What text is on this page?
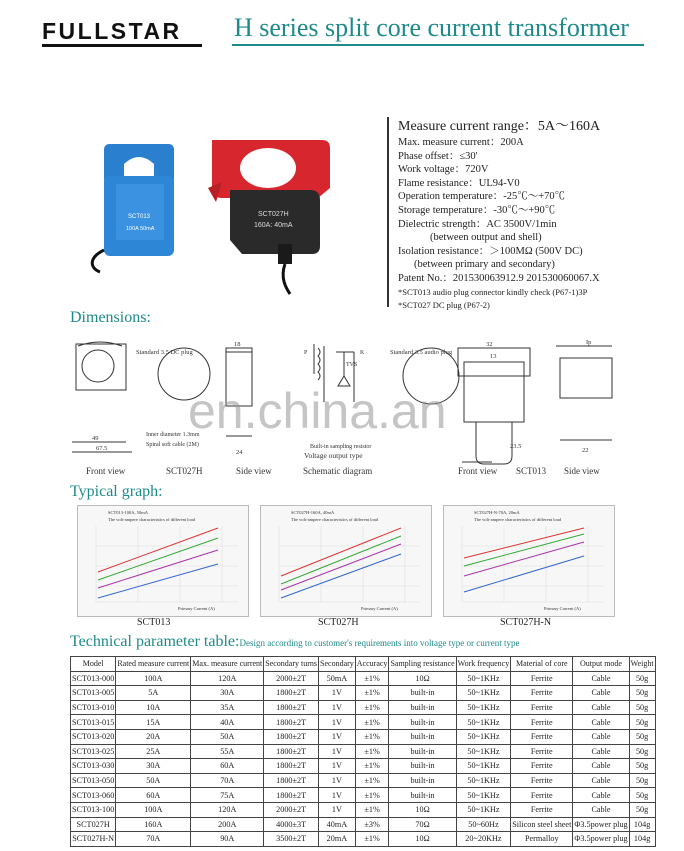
FULLSTAR H series split core current transformer
SCT013
100A 50mA
SCT027H
160A: 40mA
Measure current range：5A～160A
Max. measure current：200A
Phase offset：≤30'
Work voltage：720V
Flame resistance：UL94-V0
Operation temperature：-25℃～+70℃
Storage temperature：-30℃～+90℃
Dielectric strength：AC 3500V/1min
(between output and shell)
Isolation resistance：＞100MΩ (500V DC)
(between primary and secondary)
Patent No.：201530063912.9 201530060067.X
*SCT013 audio plug connector kindly check (P67-1)3P
*SCT027 DC plug (P67-2)
Dimensions:
Standard 3.5 DC plug
18
49
67.5
24
Inner diameter 1.3mm
Spiral soft cable (2M)
P	K
TVS
Built-in sampling resistor
Voltage output type
Standard 3.5 audio plug
32
13
23.5
Ip
22
Front view	SCT027H	Side view	Schematic diagram	Front view SCT013 Side view
en.china.an
Typical graph:
SCT013-100A, 50mA
The volt-ampere characteristics of different load
Primary Current (A)
SCT013
SCT027H-160A, 40mA
The volt-ampere characteristics of different load
Primary Current (A)
SCT027H
SCT027H-N-70A, 20mA
The volt-ampere characteristics of different load
Primary Current (A)
SCT027H-N
Technical parameter table:Design according to customer's requirements into voltage type or current type
Model	Rated measure current	Max. measure current	Secondary turns	Secondary	Accuracy	Sampling resistance	Work frequency	Material of core	Output mode	Weight
SCT013-000	100A	120A	2000±2T	50mA	±1%	10Ω	50~1KHz	Ferrite	Cable	50g
SCT013-005	5A	30A	1800±2T	1V	±1%	built-in	50~1KHz	Ferrite	Cable	50g
SCT013-010	10A	35A	1800±2T	1V	±1%	built-in	50~1KHz	Ferrite	Cable	50g
SCT013-015	15A	40A	1800±2T	1V	±1%	built-in	50~1KHz	Ferrite	Cable	50g
SCT013-020	20A	50A	1800±2T	1V	±1%	built-in	50~1KHz	Ferrite	Cable	50g
SCT013-025	25A	55A	1800±2T	1V	±1%	built-in	50~1KHz	Ferrite	Cable	50g
SCT013-030	30A	60A	1800±2T	1V	±1%	built-in	50~1KHz	Ferrite	Cable	50g
SCT013-050	50A	70A	1800±2T	1V	±1%	built-in	50~1KHz	Ferrite	Cable	50g
SCT013-060	60A	75A	1800±2T	1V	±1%	built-in	50~1KHz	Ferrite	Cable	50g
SCT013-100	100A	120A	2000±2T	1V	±1%	10Ω	50~1KHz	Ferrite	Cable	50g
SCT027H	160A	200A	4000±3T	40mA	±3%	70Ω	50~60Hz	Silicon steel sheet	Φ3.5power plug	104g
SCT027H-N	70A	90A	3500±2T	20mA	±1%	10Ω	20~20KHz	Permalloy	Φ3.5power plug	104g
